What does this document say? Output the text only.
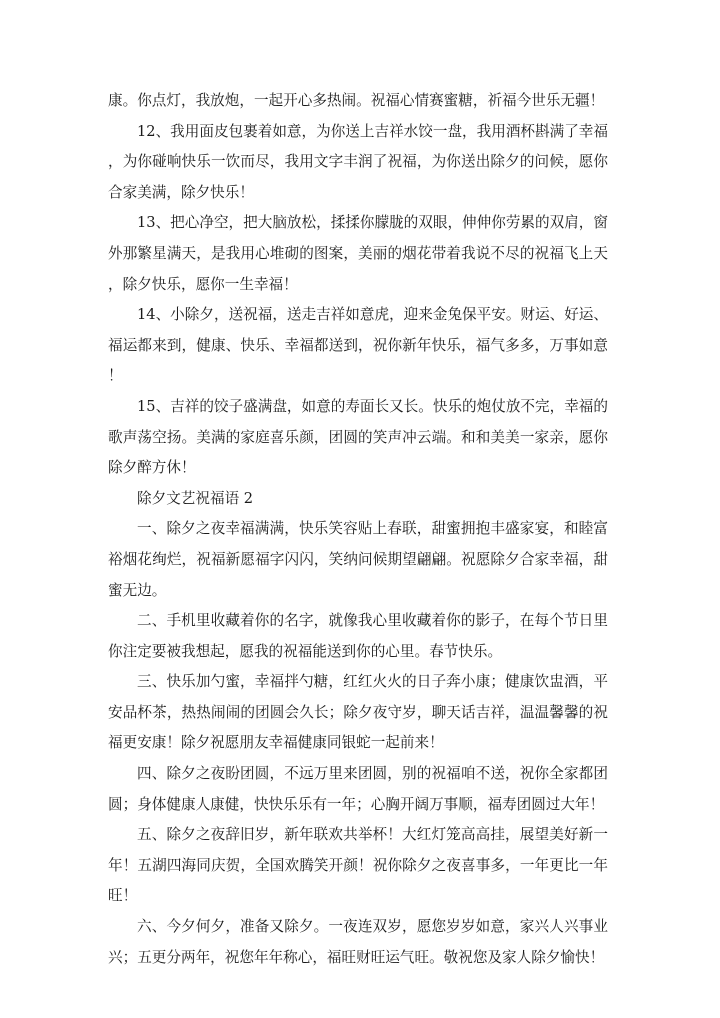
康。你点灯，我放炮，一起开心多热闹。祝福心情赛蜜糖，祈福今世乐无疆！

12、我用面皮包裹着如意，为你送上吉祥水饺一盘，我用酒杯斟满了幸福，为你碰响快乐一饮而尽，我用文字丰润了祝福，为你送出除夕的问候，愿你合家美满，除夕快乐！

13、把心净空，把大脑放松，揉揉你朦胧的双眼，伸伸你劳累的双肩，窗外那繁星满天，是我用心堆砌的图案，美丽的烟花带着我说不尽的祝福飞上天，除夕快乐，愿你一生幸福！

14、小除夕，送祝福，送走吉祥如意虎，迎来金兔保平安。财运、好运、福运都来到，健康、快乐、幸福都送到，祝你新年快乐，福气多多，万事如意！

15、吉祥的饺子盛满盘，如意的寿面长又长。快乐的炮仗放不完，幸福的歌声荡空扬。美满的家庭喜乐颜，团圆的笑声冲云端。和和美美一家亲，愿你除夕醉方休！

除夕文艺祝福语 2

一、除夕之夜幸福满满，快乐笑容贴上春联，甜蜜拥抱丰盛家宴，和睦富裕烟花绚烂，祝福新愿福字闪闪，笑纳问候期望翩翩。祝愿除夕合家幸福，甜蜜无边。

二、手机里收藏着你的名字，就像我心里收藏着你的影子，在每个节日里你注定要被我想起，愿我的祝福能送到你的心里。春节快乐。

三、快乐加勺蜜，幸福拌勺糖，红红火火的日子奔小康；健康饮盅酒，平安品杯茶，热热闹闹的团圆会久长；除夕夜守岁，聊天话吉祥，温温馨馨的祝福更安康！除夕祝愿朋友幸福健康同银蛇一起前来！

四、除夕之夜盼团圆，不远万里来团圆，别的祝福咱不送，祝你全家都团圆；身体健康人康健，快快乐乐有一年；心胸开阔万事顺，福寿团圆过大年！

五、除夕之夜辞旧岁，新年联欢共举杯！大红灯笼高高挂，展望美好新一年！五湖四海同庆贺，全国欢腾笑开颜！祝你除夕之夜喜事多，一年更比一年旺！

六、今夕何夕，准备又除夕。一夜连双岁，愿您岁岁如意，家兴人兴事业兴；五更分两年，祝您年年称心，福旺财旺运气旺。敬祝您及家人除夕愉快！
